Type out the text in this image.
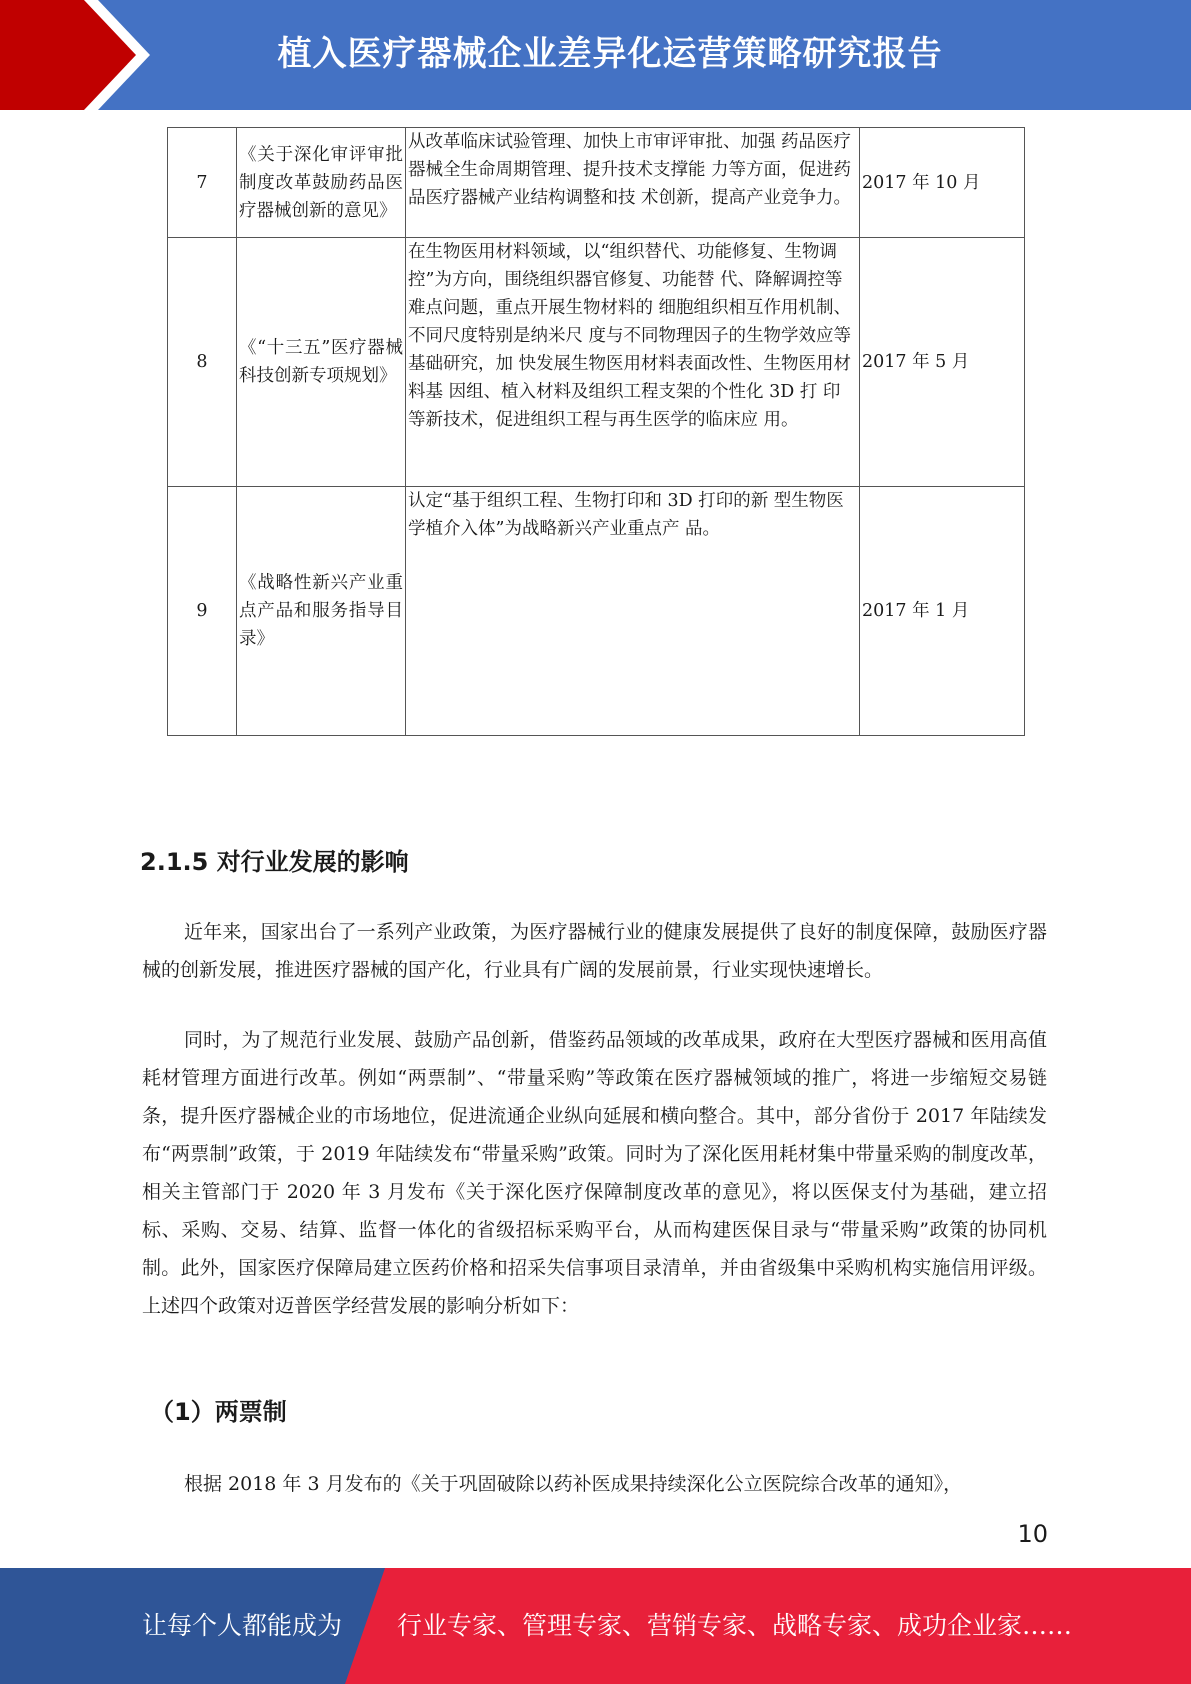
植入医疗器械企业差异化运营策略研究报告
7	《关于深化审评审批制度改革鼓励药品医疗器械创新的意见》	从改革临床试验管理、加快上市审评审批、加强 药品医疗器械全生命周期管理、提升技术支撑能 力等方面，促进药品医疗器械产业结构调整和技 术创新，提高产业竞争力。	2017 年 10 月
8	《“十三五”医疗器械科技创新专项规划》	在生物医用材料领域，以“组织替代、功能修复、生物调控”为方向，围绕组织器官修复、功能替 代、降解调控等难点问题，重点开展生物材料的 细胞组织相互作用机制、不同尺度特别是纳米尺 度与不同物理因子的生物学效应等基础研究，加 快发展生物医用材料表面改性、生物医用材料基 因组、植入材料及组织工程支架的个性化 3D 打 印等新技术，促进组织工程与再生医学的临床应 用。	2017 年 5 月
9	《战略性新兴产业重点产品和服务指导目录》	认定“基于组织工程、生物打印和 3D 打印的新 型生物医学植介入体”为战略新兴产业重点产 品。	2017 年 1 月
2.1.5 对行业发展的影响

近年来，国家出台了一系列产业政策，为医疗器械行业的健康发展提供了良好的制度保障，鼓励医疗器械的创新发展，推进医疗器械的国产化，行业具有广阔的发展前景，行业实现快速增长。

同时，为了规范行业发展、鼓励产品创新，借鉴药品领域的改革成果，政府在大型医疗器械和医用高值耗材管理方面进行改革。例如“两票制”、“带量采购”等政策在医疗器械领域的推广，将进一步缩短交易链条，提升医疗器械企业的市场地位，促进流通企业纵向延展和横向整合。其中，部分省份于 2017 年陆续发布“两票制”政策，于 2019 年陆续发布“带量采购”政策。同时为了深化医用耗材集中带量采购的制度改革，相关主管部门于 2020 年 3 月发布《关于深化医疗保障制度改革的意见》，将以医保支付为基础，建立招标、采购、交易、结算、监督一体化的省级招标采购平台，从而构建医保目录与“带量采购”政策的协同机制。此外，国家医疗保障局建立医药价格和招采失信事项目录清单，并由省级集中采购机构实施信用评级。上述四个政策对迈普医学经营发展的影响分析如下：

（1）两票制

根据 2018 年 3 月发布的《关于巩固破除以药补医成果持续深化公立医院综合改革的通知》，

10
让每个人都能成为 行业专家、管理专家、营销专家、战略专家、成功企业家……
